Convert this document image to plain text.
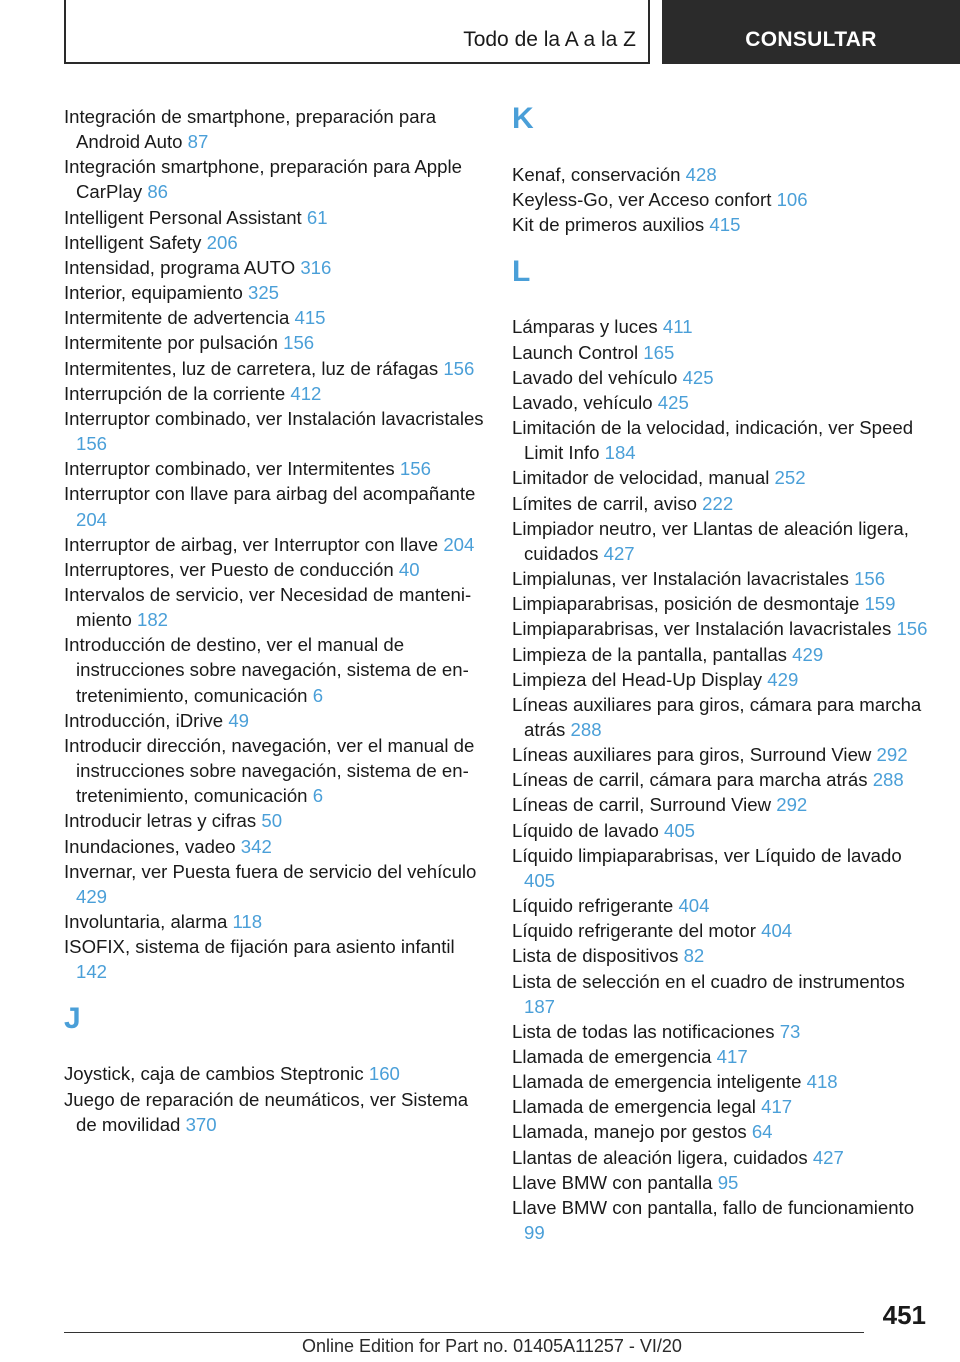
Todo de la A a la Z	CONSULTAR
Integración de smartphone, preparación para Android Auto 87
Integración smartphone, preparación para Apple CarPlay 86
Intelligent Personal Assistant 61
Intelligent Safety 206
Intensidad, programa AUTO 316
Interior, equipamiento 325
Intermitente de advertencia 415
Intermitente por pulsación 156
Intermitentes, luz de carretera, luz de ráfagas 156
Interrupción de la corriente 412
Interruptor combinado, ver Instalación lavacristales 156
Interruptor combinado, ver Intermitentes 156
Interruptor con llave para airbag del acompañante 204
Interruptor de airbag, ver Interruptor con llave 204
Interruptores, ver Puesto de conducción 40
Intervalos de servicio, ver Necesidad de mantenimiento 182
Introducción de destino, ver el manual de instrucciones sobre navegación, sistema de entretenimiento, comunicación 6
Introducción, iDrive 49
Introducir dirección, navegación, ver el manual de instrucciones sobre navegación, sistema de entretenimiento, comunicación 6
Introducir letras y cifras 50
Inundaciones, vadeo 342
Invernar, ver Puesta fuera de servicio del vehículo 429
Involuntaria, alarma 118
ISOFIX, sistema de fijación para asiento infantil 142
J
Joystick, caja de cambios Steptronic 160
Juego de reparación de neumáticos, ver Sistema de movilidad 370
K
Kenaf, conservación 428
Keyless-Go, ver Acceso confort 106
Kit de primeros auxilios 415
L
Lámparas y luces 411
Launch Control 165
Lavado del vehículo 425
Lavado, vehículo 425
Limitación de la velocidad, indicación, ver Speed Limit Info 184
Limitador de velocidad, manual 252
Límites de carril, aviso 222
Limpiador neutro, ver Llantas de aleación ligera, cuidados 427
Limpialunas, ver Instalación lavacristales 156
Limpiaparabrisas, posición de desmontaje 159
Limpiaparabrisas, ver Instalación lavacristales 156
Limpieza de la pantalla, pantallas 429
Limpieza del Head-Up Display 429
Líneas auxiliares para giros, cámara para marcha atrás 288
Líneas auxiliares para giros, Surround View 292
Líneas de carril, cámara para marcha atrás 288
Líneas de carril, Surround View 292
Líquido de lavado 405
Líquido limpiaparabrisas, ver Líquido de lavado 405
Líquido refrigerante 404
Líquido refrigerante del motor 404
Lista de dispositivos 82
Lista de selección en el cuadro de instrumentos 187
Lista de todas las notificaciones 73
Llamada de emergencia 417
Llamada de emergencia inteligente 418
Llamada de emergencia legal 417
Llamada, manejo por gestos 64
Llantas de aleación ligera, cuidados 427
Llave BMW con pantalla 95
Llave BMW con pantalla, fallo de funcionamiento 99
451
Online Edition for Part no. 01405A11257 - VI/20
